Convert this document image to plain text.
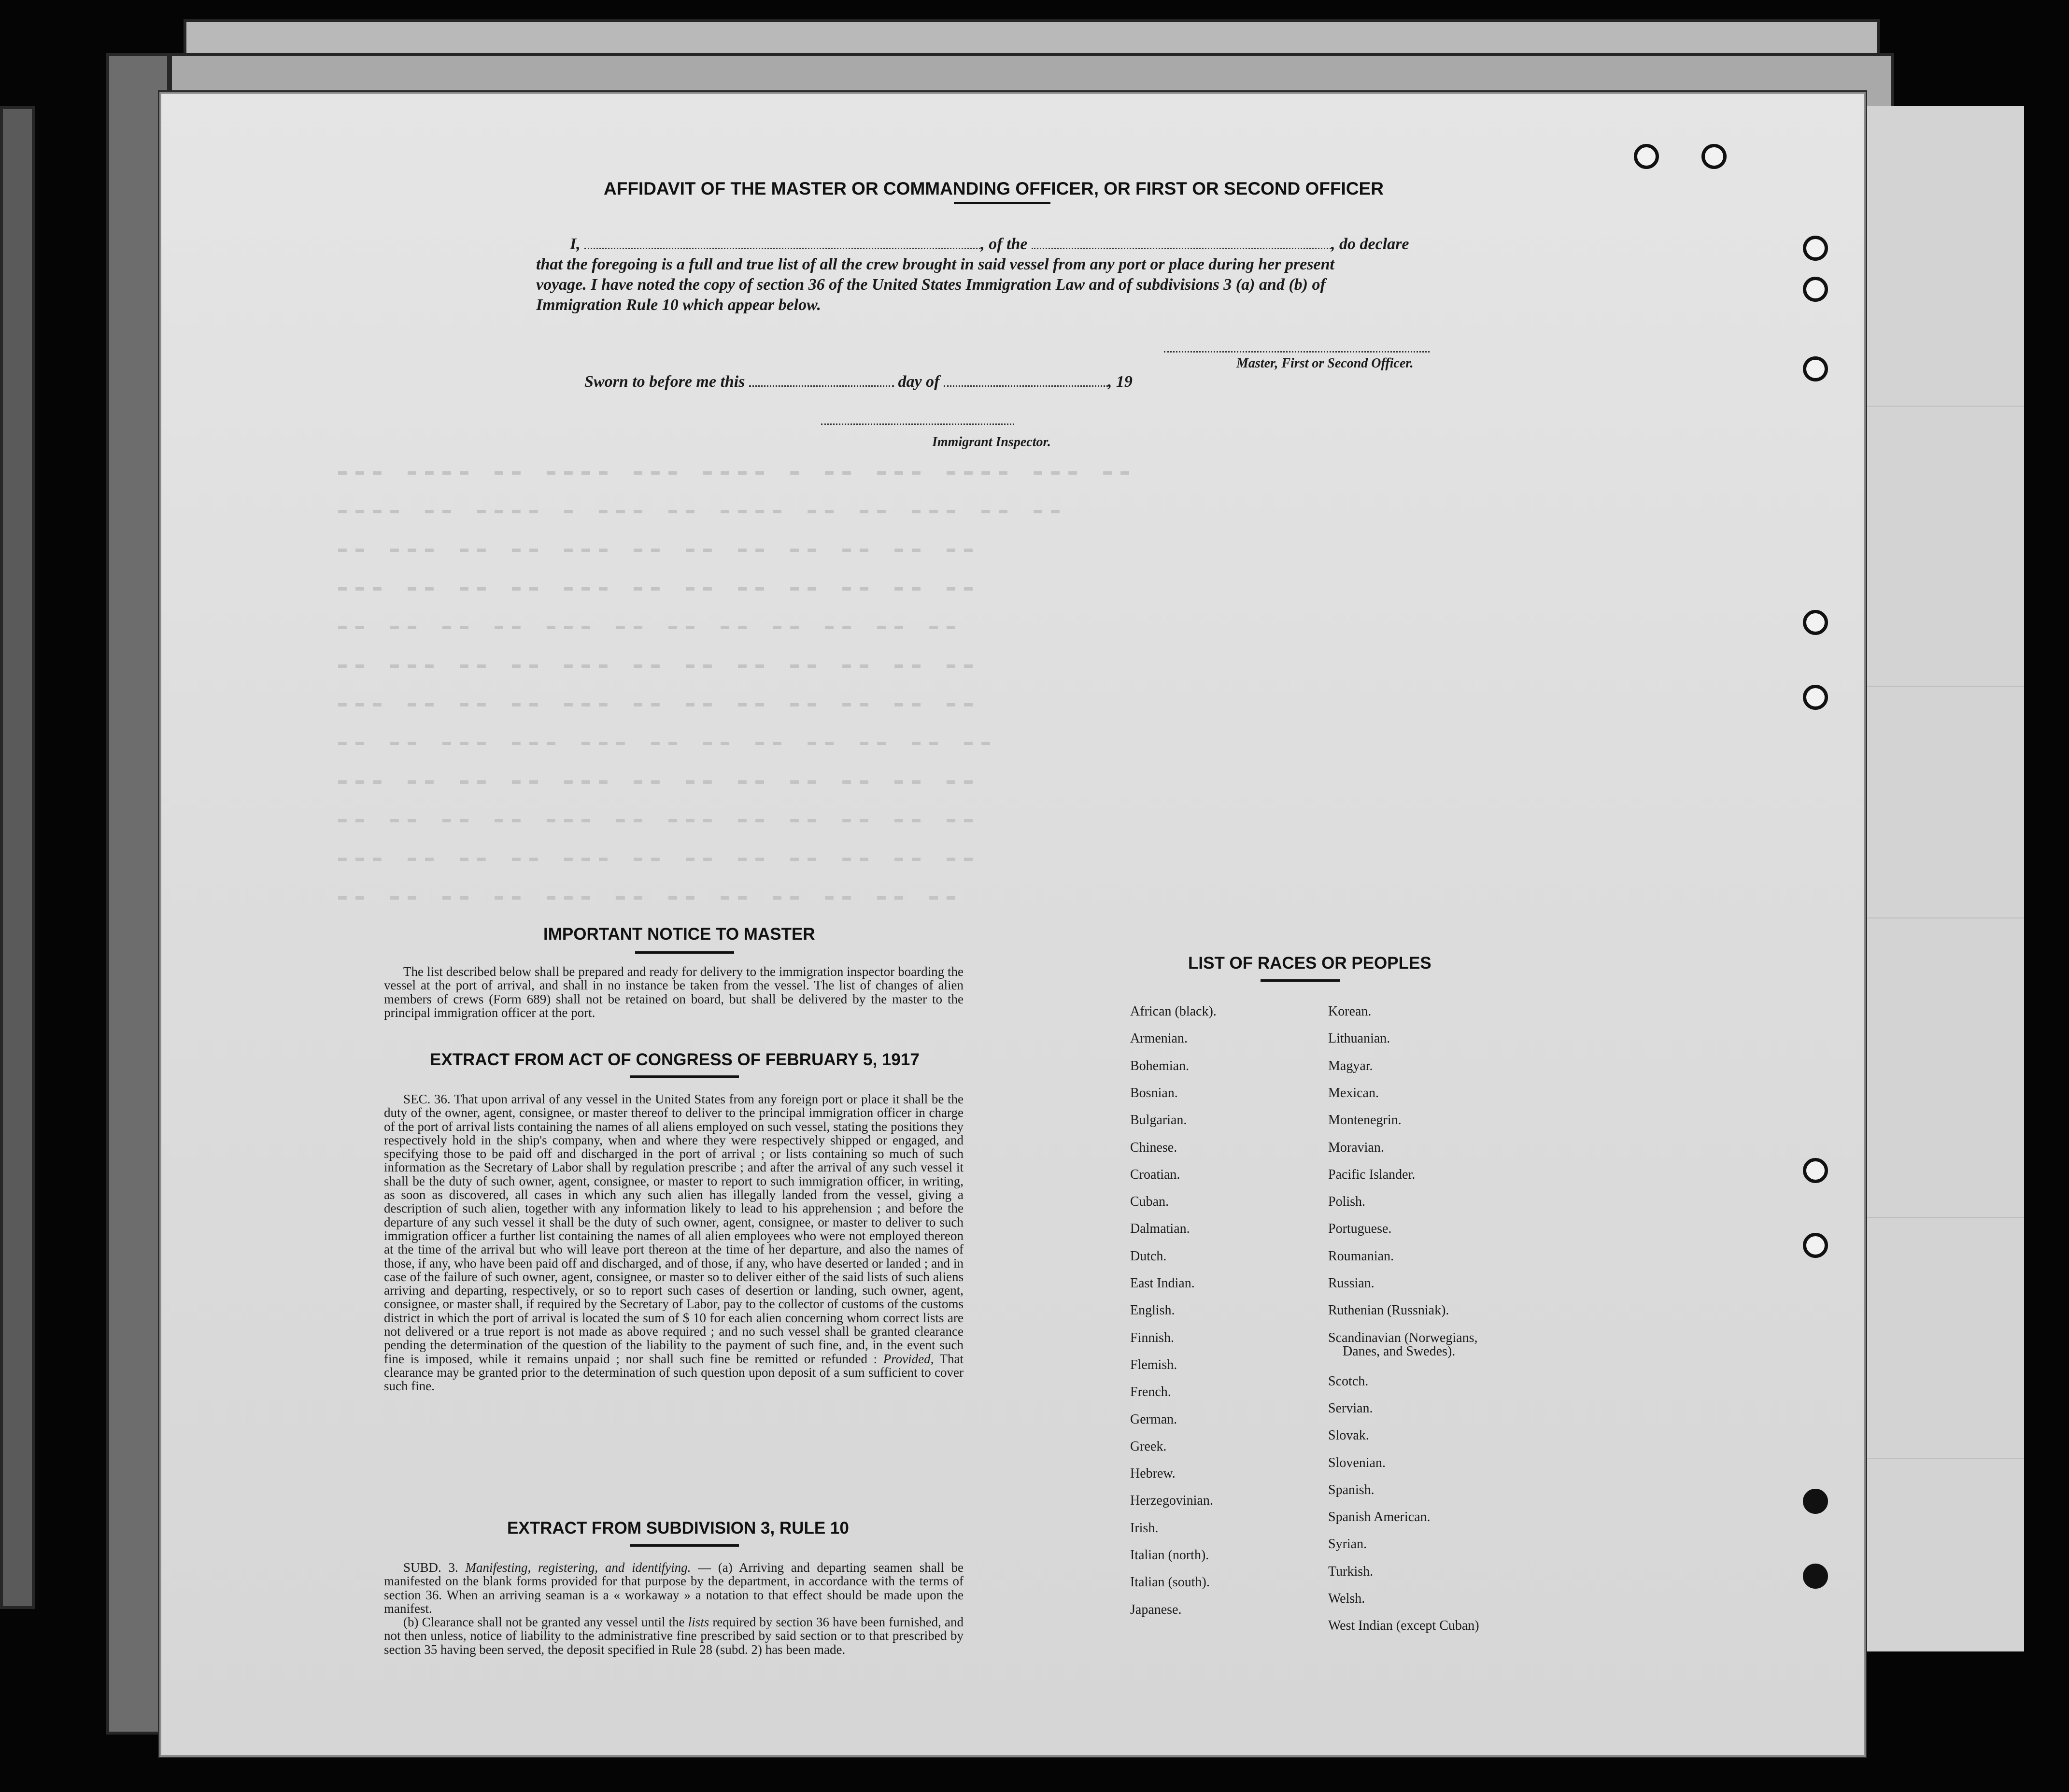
▬▬▬ ▬▬▬▬ ▬▬ ▬▬▬▬ ▬▬▬ ▬▬▬▬ ▬ ▬▬ ▬▬▬ ▬▬▬▬ ▬▬▬ ▬▬
▬▬▬▬ ▬▬ ▬▬▬▬ ▬ ▬▬▬ ▬▬ ▬▬▬▬ ▬▬ ▬▬ ▬▬▬ ▬▬ ▬▬
▬▬ ▬▬▬ ▬▬ ▬▬ ▬▬▬ ▬▬ ▬▬ ▬▬ ▬▬ ▬▬ ▬▬ ▬▬
▬▬▬ ▬▬ ▬▬ ▬▬ ▬▬▬ ▬▬ ▬▬ ▬▬ ▬▬ ▬▬ ▬▬ ▬▬
▬▬ ▬▬ ▬▬ ▬▬ ▬▬▬ ▬▬ ▬▬ ▬▬ ▬▬ ▬▬ ▬▬ ▬▬
▬▬ ▬▬▬ ▬▬ ▬▬ ▬▬▬ ▬▬ ▬▬ ▬▬ ▬▬ ▬▬ ▬▬ ▬▬
▬▬▬ ▬▬ ▬▬ ▬▬ ▬▬▬ ▬▬ ▬▬ ▬▬ ▬▬ ▬▬ ▬▬ ▬▬
▬▬ ▬▬ ▬▬▬ ▬▬▬ ▬▬▬ ▬▬ ▬▬ ▬▬ ▬▬ ▬▬ ▬▬ ▬▬
▬▬▬ ▬▬ ▬▬ ▬▬ ▬▬▬ ▬▬ ▬▬ ▬▬ ▬▬ ▬▬ ▬▬ ▬▬
▬▬ ▬▬ ▬▬ ▬▬ ▬▬▬ ▬▬ ▬▬▬ ▬▬ ▬▬ ▬▬ ▬▬ ▬▬
▬▬▬ ▬▬ ▬▬ ▬▬ ▬▬▬ ▬▬ ▬▬ ▬▬ ▬▬ ▬▬ ▬▬ ▬▬
▬▬ ▬▬ ▬▬ ▬▬ ▬▬▬ ▬▬ ▬▬ ▬▬ ▬▬ ▬▬ ▬▬ ▬▬
AFFIDAVIT OF THE MASTER OR COMMANDING OFFICER, OR FIRST OR SECOND OFFICER
I,	, of the	, do declare
that the foregoing is a full and true list of all the crew brought in said vessel from any port or place during her present
voyage. I have noted the copy of section 36 of the United States Immigration Law and of subdivisions 3 (a) and (b) of
Immigration Rule 10 which appear below.
Master, First or Second Officer.
Sworn to before me this	day of	, 19
Immigrant Inspector.
IMPORTANT NOTICE TO MASTER

The list described below shall be prepared and ready for delivery to the immigration inspector boarding the vessel at the port of arrival, and shall in no instance be taken from the vessel. The list of changes of alien members of crews (Form 689) shall not be retained on board, but shall be delivered by the master to the principal immigration officer at the port.

EXTRACT FROM ACT OF CONGRESS OF FEBRUARY 5, 1917

SEC. 36. That upon arrival of any vessel in the United States from any foreign port or place it shall be the duty of the owner, agent, consignee, or master thereof to deliver to the principal immigration officer in charge of the port of arrival lists containing the names of all aliens employed on such vessel, stating the positions they respectively hold in the ship's company, when and where they were respectively shipped or engaged, and specifying those to be paid off and discharged in the port of arrival ; or lists containing so much of such information as the Secretary of Labor shall by regulation prescribe ; and after the arrival of any such vessel it shall be the duty of such owner, agent, consignee, or master to report to such immigration officer, in writing, as soon as discovered, all cases in which any such alien has illegally landed from the vessel, giving a description of such alien, together with any information likely to lead to his apprehension ; and before the departure of any such vessel it shall be the duty of such owner, agent, consignee, or master to deliver to such immigration officer a further list containing the names of all alien employees who were not employed thereon at the time of the arrival but who will leave port thereon at the time of her departure, and also the names of those, if any, who have been paid off and discharged, and of those, if any, who have deserted or landed ; and in case of the failure of such owner, agent, consignee, or master so to deliver either of the said lists of such aliens arriving and departing, respectively, or so to report such cases of desertion or landing, such owner, agent, consignee, or master shall, if required by the Secretary of Labor, pay to the collector of customs of the customs district in which the port of arrival is located the sum of $ 10 for each alien concerning whom correct lists are not delivered or a true report is not made as above required ; and no such vessel shall be granted clearance pending the determination of the question of the liability to the payment of such fine, and, in the event such fine is imposed, while it remains unpaid ; nor shall such fine be remitted or refunded : Provided, That clearance may be granted prior to the determination of such question upon deposit of a sum sufficient to cover such fine.

EXTRACT FROM SUBDIVISION 3, RULE 10

SUBD. 3. Manifesting, registering, and identifying. — (a) Arriving and departing seamen shall be manifested on the blank forms provided for that purpose by the department, in accordance with the terms of section 36. When an arriving seaman is a « workaway » a notation to that effect should be made upon the manifest.

(b) Clearance shall not be granted any vessel until the lists required by section 36 have been furnished, and not then unless, notice of liability to the administrative fine prescribed by said section or to that prescribed by section 35 having been served, the deposit specified in Rule 28 (subd. 2) has been made.

LIST OF RACES OR PEOPLES
African (black).
Armenian.
Bohemian.
Bosnian.
Bulgarian.
Chinese.
Croatian.
Cuban.
Dalmatian.
Dutch.
East Indian.
English.
Finnish.
Flemish.
French.
German.
Greek.
Hebrew.
Herzegovinian.
Irish.
Italian (north).
Italian (south).
Japanese.
Korean.
Lithuanian.
Magyar.
Mexican.
Montenegrin.
Moravian.
Pacific Islander.
Polish.
Portuguese.
Roumanian.
Russian.
Ruthenian (Russniak).
Scandinavian (Norwegians,
Danes, and Swedes).
Scotch.
Servian.
Slovak.
Slovenian.
Spanish.
Spanish American.
Syrian.
Turkish.
Welsh.
West Indian (except Cuban)
